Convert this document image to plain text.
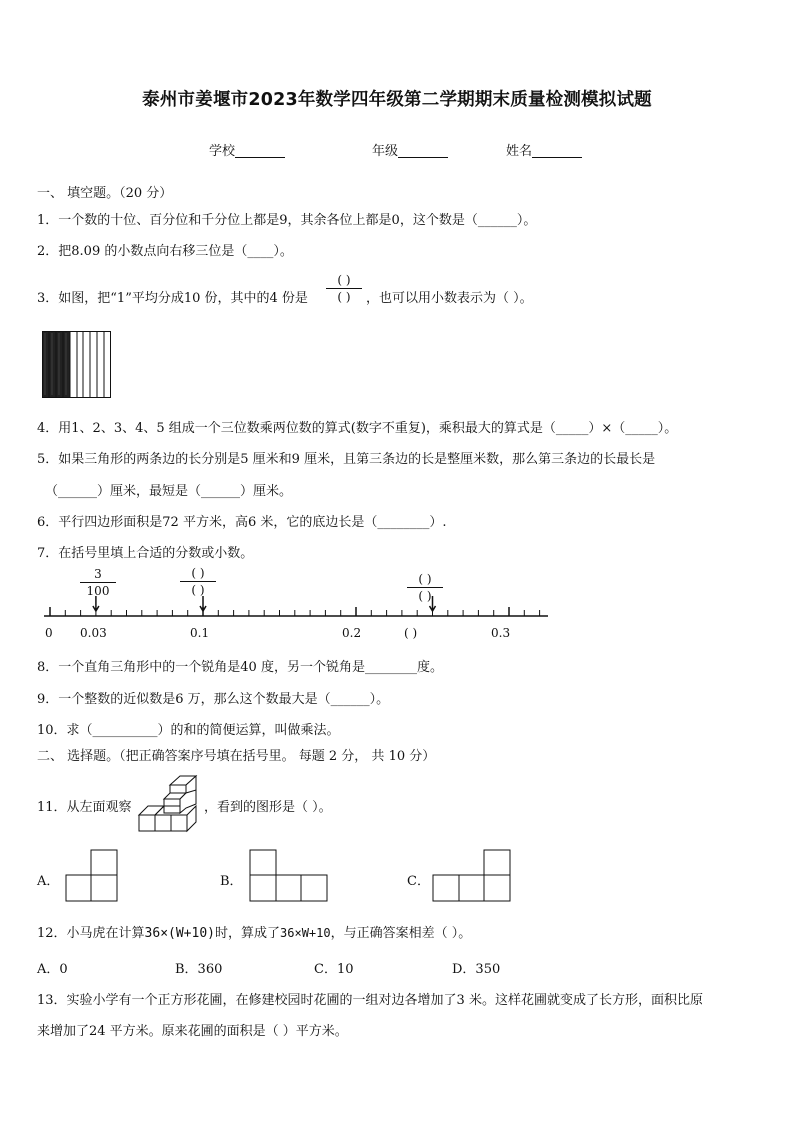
泰州市姜堰市2023年数学四年级第二学期期末质量检测模拟试题
学校	年级	姓名
一、 填空题。（20 分）
1．一个数的十位、百分位和千分位上都是9，其余各位上都是0，这个数是（______）。
2．把8.09 的小数点向右移三位是（____）。
3．如图，把“1”平均分成10 份，其中的4 份是
( )
( )	，也可以用小数表示为（ ）。
4．用1、2、3、4、5 组成一个三位数乘两位数的算式(数字不重复)，乘积最大的算式是（_____）×（_____）。
5．如果三角形的两条边的长分别是5 厘米和9 厘米，且第三条边的长是整厘米数，那么第三条边的长最长是
（______）厘米，最短是（______）厘米。
6．平行四边形面积是72 平方米，高6 米，它的底边长是（________）.
7．在括号里填上合适的分数或小数。
3
100
( )
( )
( )
( )
0 0.03	0.1	0.2	( )	0.3
8．一个直角三角形中的一个锐角是40 度，另一个锐角是________度。
9．一个整数的近似数是6 万，那么这个数最大是（______）。
10．求（__________）的和的简便运算，叫做乘法。
二、 选择题。（把正确答案序号填在括号里。 每题 2 分， 共 10 分）
11．从左面观察	，看到的图形是（ ）。
A．	B．	C．
12．小马虎在计算36×(W+10)时，算成了36×W+10，与正确答案相差（ ）。
A．0	B．360	C．10	D．350
13．实验小学有一个正方形花圃，在修建校园时花圃的一组对边各增加了3 米。这样花圃就变成了长方形，面积比原
来增加了24 平方米。原来花圃的面积是（ ）平方米。
